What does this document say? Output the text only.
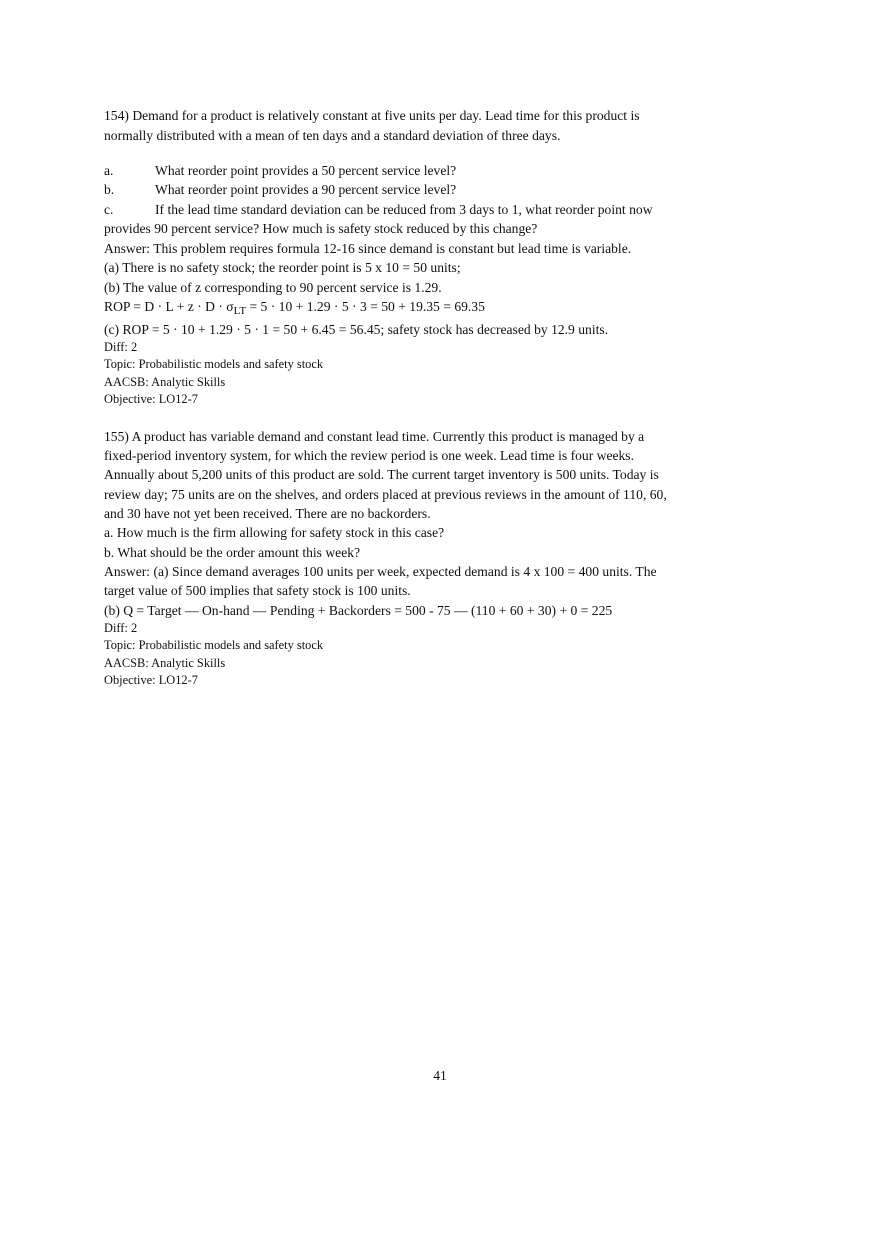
154) Demand for a product is relatively constant at five units per day. Lead time for this product is
normally distributed with a mean of ten days and a standard deviation of three days.
a.	What reorder point provides a 50 percent service level?
b.	What reorder point provides a 90 percent service level?
c.	If the lead time standard deviation can be reduced from 3 days to 1, what reorder point now
provides 90 percent service? How much is safety stock reduced by this change?
Answer: This problem requires formula 12-16 since demand is constant but lead time is variable.
(a) There is no safety stock; the reorder point is 5 x 10 = 50 units;
(b) The value of z corresponding to 90 percent service is 1.29.
ROP = $D \cdot L + z \cdot D \cdot \sigma_{LT} = 5 \cdot 10 + 1.29 \cdot 5 \cdot 3 = 50 + 19.35 = 69.35$
(c) ROP = 5 · 10 + 1.29 · 5 · 1 = 50 + 6.45 = 56.45; safety stock has decreased by 12.9 units.
Diff: 2
Topic: Probabilistic models and safety stock
AACSB: Analytic Skills
Objective: LO12-7
155) A product has variable demand and constant lead time. Currently this product is managed by a
fixed-period inventory system, for which the review period is one week. Lead time is four weeks.
Annually about 5,200 units of this product are sold. The current target inventory is 500 units. Today is
review day; 75 units are on the shelves, and orders placed at previous reviews in the amount of 110, 60,
and 30 have not yet been received. There are no backorders.
a. How much is the firm allowing for safety stock in this case?
b. What should be the order amount this week?
Answer: (a) Since demand averages 100 units per week, expected demand is 4 x 100 = 400 units. The
target value of 500 implies that safety stock is 100 units.
(b) Q = Target — On-hand — Pending + Backorders = 500 - 75 — (110 + 60 + 30) + 0 = 225
Diff: 2
Topic: Probabilistic models and safety stock
AACSB: Analytic Skills
Objective: LO12-7
41
